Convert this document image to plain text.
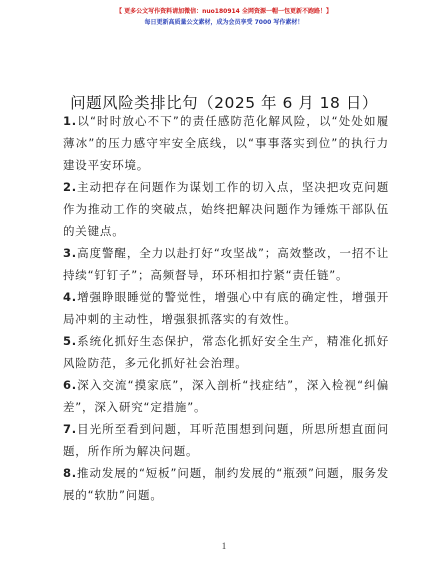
【 更多公文写作资料请加微信：nuo180914 全网资源一帽一包更新不跑路！】
每日更新高质量公文素材，成为会员享受 7000 写作素材！
问题风险类排比句（2025 年 6 月 18 日）
1.以“时时放心不下”的责任感防范化解风险，以“处处如履薄冰”的压力感守牢安全底线，以“事事落实到位”的执行力建设平安环境。
2.主动把存在问题作为谋划工作的切入点，坚决把攻克问题作为推动工作的突破点，始终把解决问题作为锤炼干部队伍的关键点。
3.高度警醒，全力以赴打好“攻坚战”；高效整改，一招不让持续“钉钉子”；高频督导，环环相扣拧紧“责任链”。
4.增强睁眼睡觉的警觉性，增强心中有底的确定性，增强开局冲刺的主动性，增强狠抓落实的有效性。
5.系统化抓好生态保护，常态化抓好安全生产，精准化抓好风险防范，多元化抓好社会治理。
6.深入交流“摸家底”，深入剖析“找症结”，深入检视“纠偏差”，深入研究“定措施”。
7.目光所至看到问题，耳听范围想到问题，所思所想直面问题，所作所为解决问题。
8.推动发展的“短板”问题，制约发展的“瓶颈”问题，服务发展的“软肋”问题。
1
